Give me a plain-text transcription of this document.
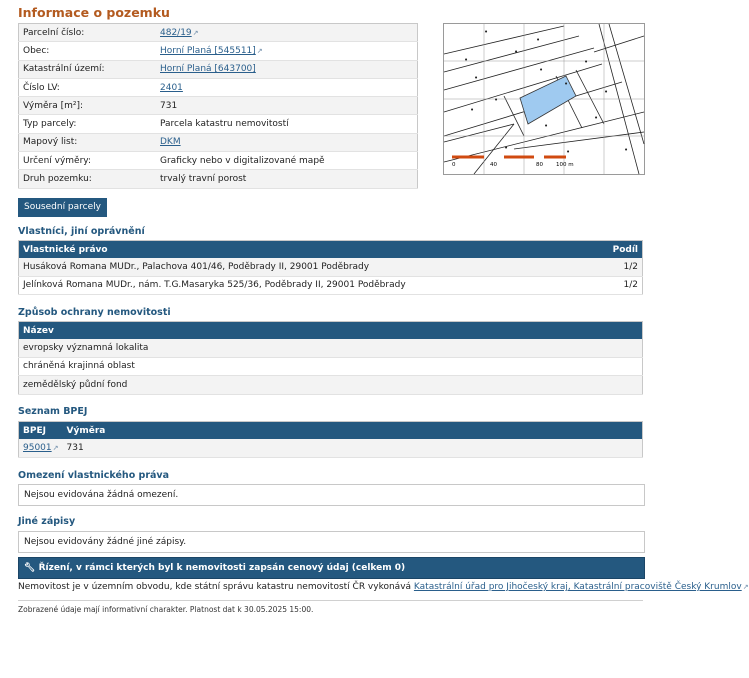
Informace o pozemku
Parcelní číslo:	482/19↗
Obec:	Horní Planá [545511]↗
Katastrální území:	Horní Planá [643700]
Číslo LV:	2401
Výměra [m²]:	731
Typ parcely:	Parcela katastru nemovitostí
Mapový list:	DKM
Určení výměry:	Graficky nebo v digitalizované mapě
Druh pozemku:	trvalý travní porost
•
•
•
•
•
•
•
•
•
•
•
•
•
•
•	•
0	40	80 100 m
Sousední parcely
Vlastníci, jiní oprávnění
Vlastnické právo	Podíl
Husáková Romana MUDr., Palachova 401/46, Poděbrady II, 29001 Poděbrady	1/2
Jelínková Romana MUDr., nám. T.G.Masaryka 525/36, Poděbrady II, 29001 Poděbrady	1/2
Způsob ochrany nemovitosti
Název
evropsky významná lokalita
chráněná krajinná oblast
zemědělský půdní fond
Seznam BPEJ
BPEJ	Výměra
95001↗	731
Omezení vlastnického práva
Nejsou evidována žádná omezení.
Jiné zápisy
Nejsou evidovány žádné jiné zápisy.
🔧︎ Řízení, v rámci kterých byl k nemovitosti zapsán cenový údaj (celkem 0)
Nemovitost je v územním obvodu, kde státní správu katastru nemovitostí ČR vykonává Katastrální úřad pro Jihočeský kraj, Katastrální pracoviště Český Krumlov↗
Zobrazené údaje mají informativní charakter. Platnost dat k 30.05.2025 15:00.
